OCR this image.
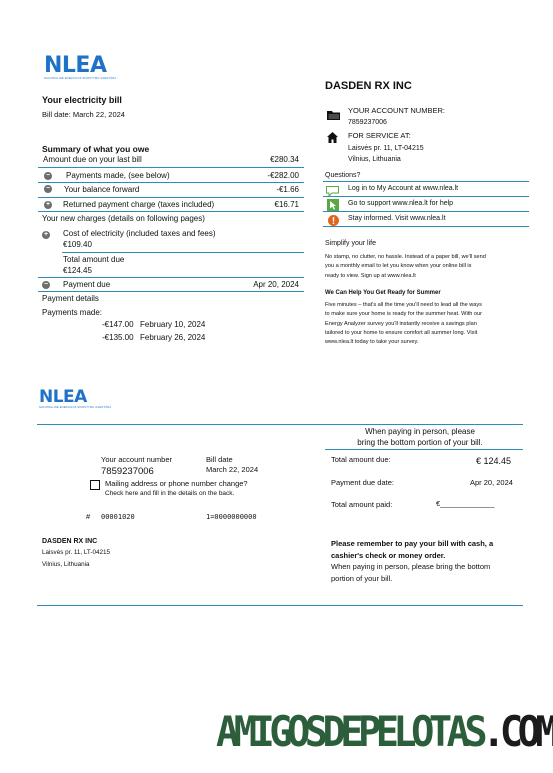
NLEA
NACIONALINĖ ENERGIJOS SKIRSTYMO AGENTŪRA
Your electricity bill
Bill date: March 22, 2024
Summary of what you owe
Amount due on your last bill	€280.34
− Payments made, (see below)	-€282.00
− Your balance forward	-€1.66
+ Returned payment charge (taxes included)	€16.71
Your new charges (details on following pages)
+ Cost of electricity (included taxes and fees)
€109.40
Total amount due
€124.45
− Payment due	Apr 20, 2024
Payment details
Payments made:
-€147.00 February 10, 2024
-€135.00 February 26, 2024
DASDEN RX INC
YOUR ACCOUNT NUMBER:
7859237006
FOR SERVICE AT:
Laisvės pr. 11, LT-04215
Vilnius, Lithuania
Questions?
Log in to My Account at www.nlea.lt
Go to support www.nlea.lt for help
Stay informed. Visit www.nlea.lt
Simplify your life
No stamp, no clutter, no hassle. Instead of a paper bill, we'll send
you a monthly email to let you know when your online bill is
ready to view. Sign up at www.nlea.lt
We Can Help You Get Ready for Summer
Five minutes – that's all the time you'll need to lead all the ways
to make sure your home is ready for the summer heat. With our
Energy Analyzer survey you'll instantly receive a savings plan
tailored to your home to ensure comfort all summer long. Visit
www.nlea.lt today to take your survey.
NLEA
NACIONALINĖ ENERGIJOS SKIRSTYMO AGENTŪRA
When paying in person, please
bring the bottom portion of your bill.
Your account number
7859237006
Bill date
March 22, 2024
Mailing address or phone number change?
Check here and fill in the details on the back.
Total amount due:	€ 124.45
Payment due date:	Apr 20, 2024
Total amount paid:	€_____________
# 00001020	1=0000000000
DASDEN RX INC
Laisvės pr. 11, LT-04215
Vilnius, Lithuania
Please remember to pay your bill with cash, a
cashier's check or money order.
When paying in person, please bring the bottom
portion of your bill.
AMIGOSDEPELOTAS.COM
